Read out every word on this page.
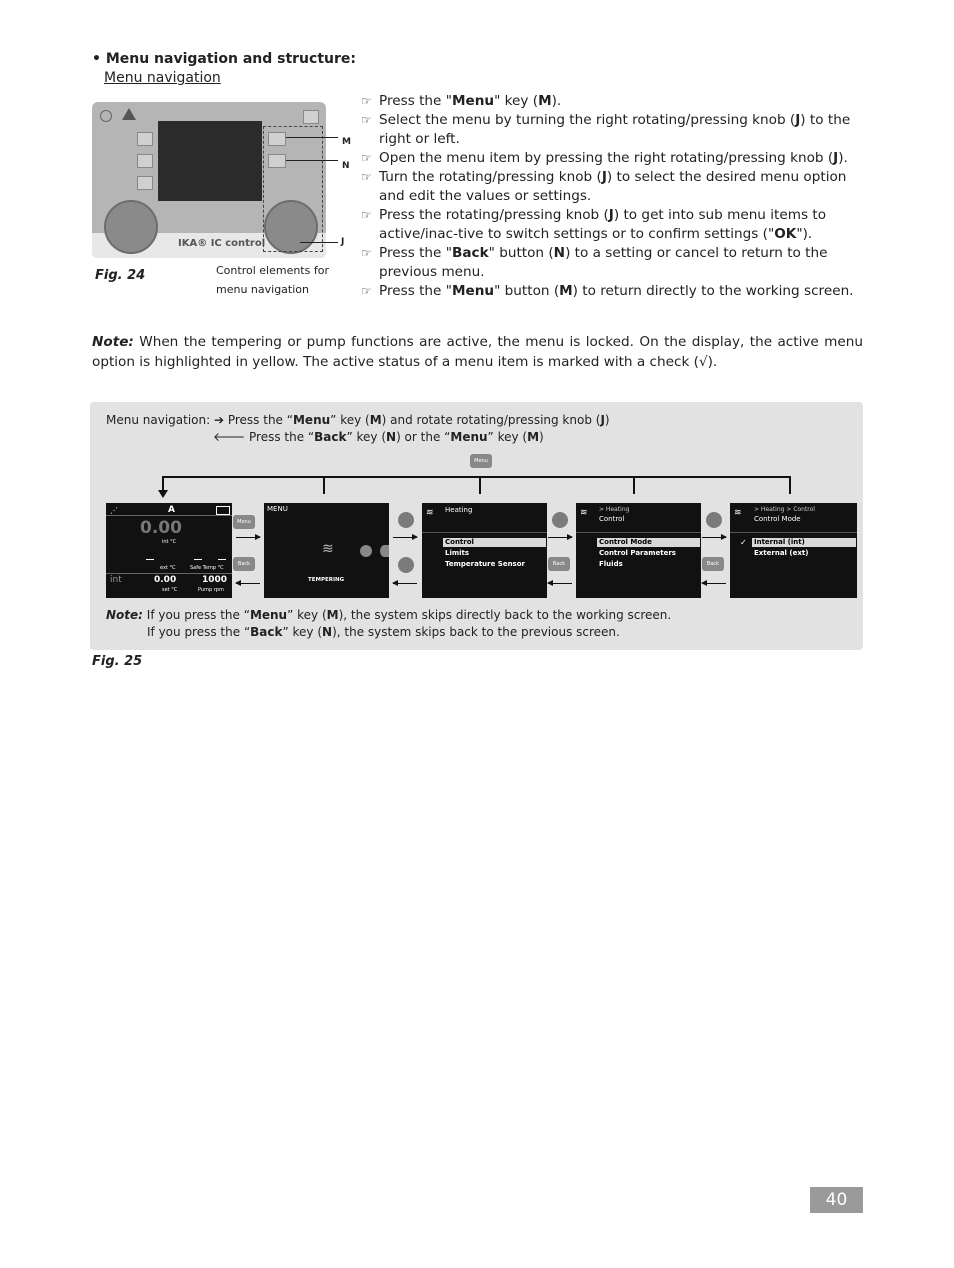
• Menu navigation and structure:
Menu navigation
IKA® IC control
M
N
J
Fig. 24	Control elements for
menu navigation

☞ Press the "Menu" key (M).

☞ Select the menu by turning the right rotating/pressing knob (J) to the right or left.

☞ Open the menu item by pressing the right rotating/pressing knob (J).

☞ Turn the rotating/pressing knob (J) to select the desired menu option and edit the values or settings.

☞ Press the rotating/pressing knob (J) to get into sub menu items to active/inac-tive to switch settings or to confirm settings ("OK").

☞ Press the "Back" button (N) to a setting or cancel to return to the previous menu.

☞ Press the "Menu" button (M) to return directly to the working screen.

Note: When the tempering or pump functions are active, the menu is locked. On the display, the active menu option is highlighted in yellow. The active status of a menu item is marked with a check (√).
Menu navigation: ➔ Press the “Menu” key (M) and rotate rotating/pressing knob (J)
🡐 Press the “Back” key (N) or the “Menu” key (M)
Menu
⋰	A
0.00
int °C
ext °C	Safe Temp °C
int	0.00
set °C
1000
Pump rpm
Menu
Back
MENU
≋
TEMPERING
≋ Heating
Control
Limits
Temperature Sensor	Back
≋ > Heating
Control
Control Mode
Control Parameters
Fluids	Back
≋ > Heating > Control
Control Mode
✓ Internal (int)
External (ext)
Note: If you press the “Menu” key (M), the system skips directly back to the working screen.
If you press the “Back” key (N), the system skips back to the previous screen.
Fig. 25
40
